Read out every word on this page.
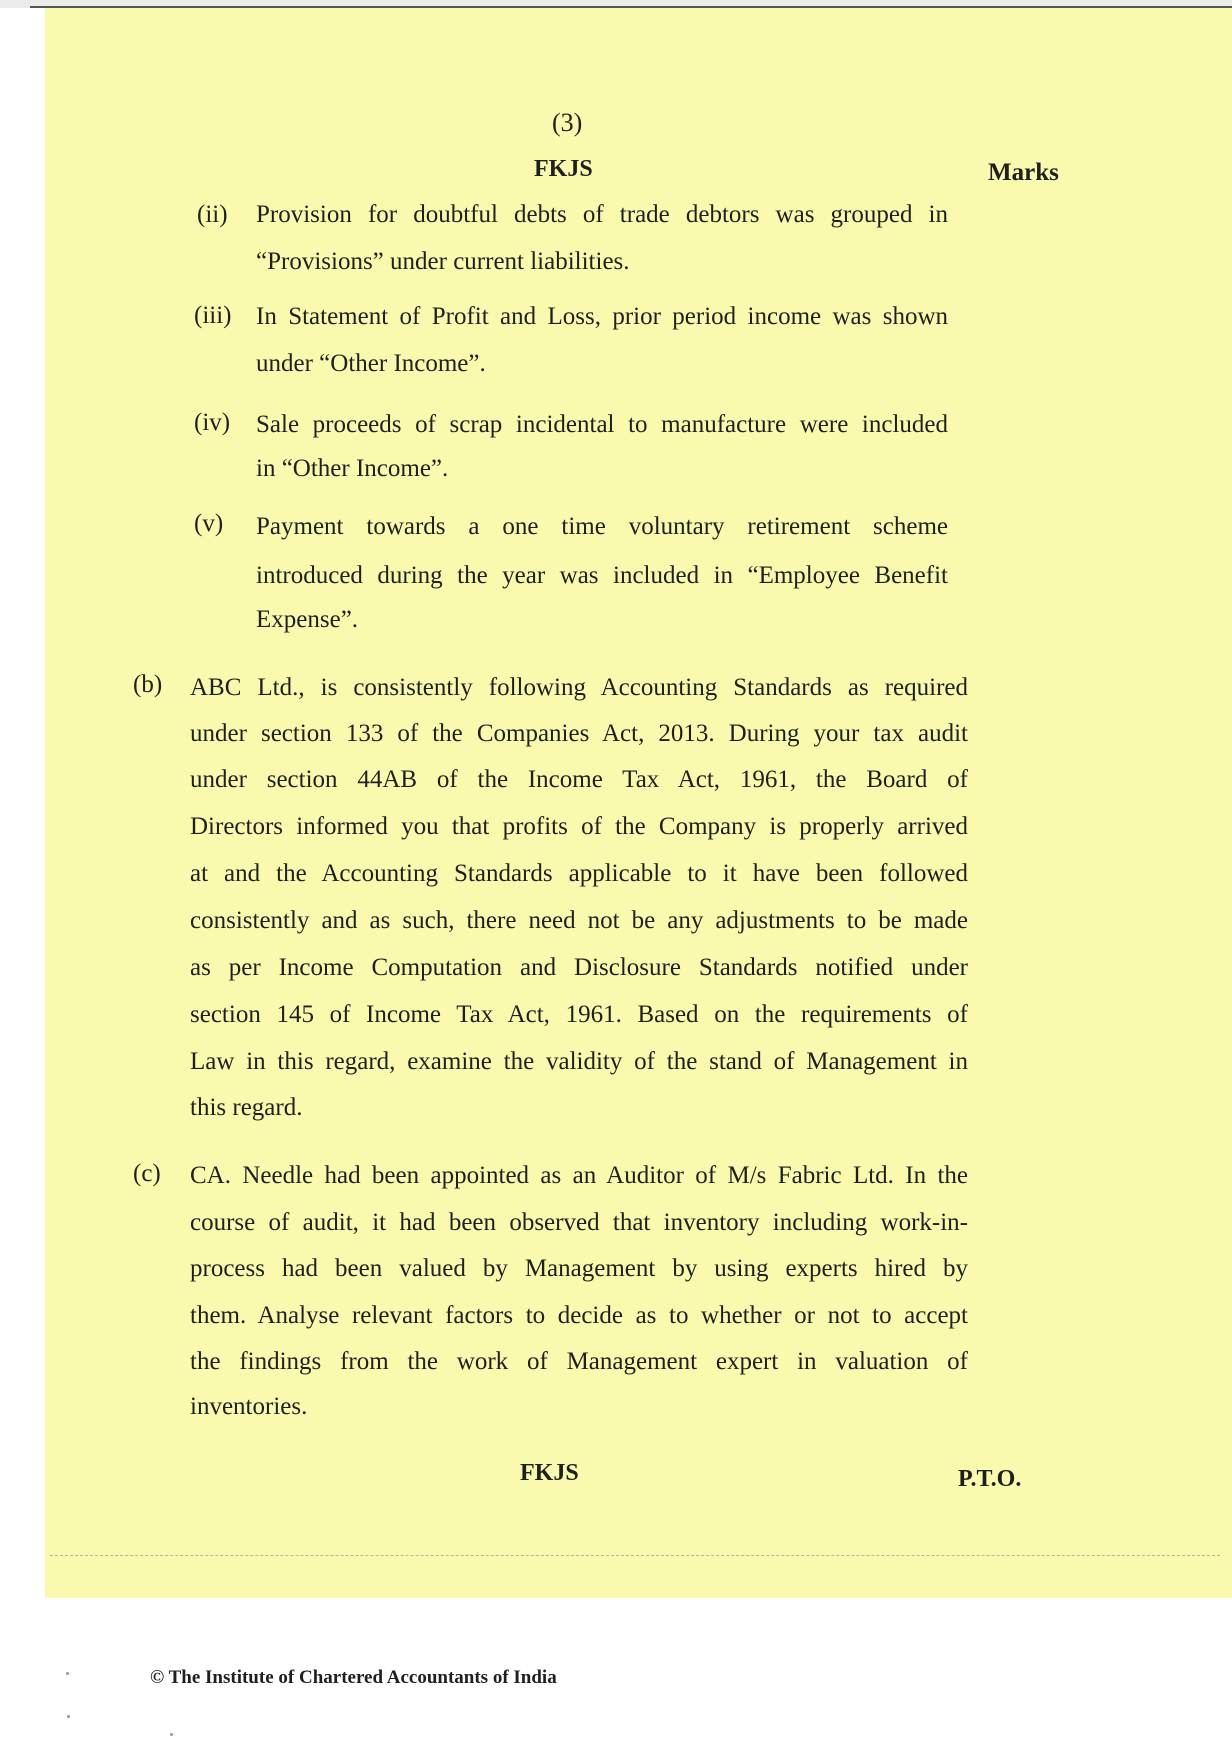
(3)
FKJS	Marks
(ii) Provision for doubtful debts of trade debtors was grouped in
“Provisions” under current liabilities.
(iii) In Statement of Profit and Loss, prior period income was shown
under “Other Income”.
(iv) Sale proceeds of scrap incidental to manufacture were included
in “Other Income”.
(v) Payment towards a one time voluntary retirement scheme
introduced during the year was included in “Employee Benefit
Expense”.
(b) ABC Ltd., is consistently following Accounting Standards as required
under section 133 of the Companies Act, 2013. During your tax audit
under section 44AB of the Income Tax Act, 1961, the Board of
Directors informed you that profits of the Company is properly arrived
at and the Accounting Standards applicable to it have been followed
consistently and as such, there need not be any adjustments to be made
as per Income Computation and Disclosure Standards notified under
section 145 of Income Tax Act, 1961. Based on the requirements of
Law in this regard, examine the validity of the stand of Management in
this regard.
(c) CA. Needle had been appointed as an Auditor of M/s Fabric Ltd. In the
course of audit, it had been observed that inventory including work-in-
process had been valued by Management by using experts hired by
them. Analyse relevant factors to decide as to whether or not to accept
the findings from the work of Management expert in valuation of
inventories.
FKJS	P.T.O.
© The Institute of Chartered Accountants of India
